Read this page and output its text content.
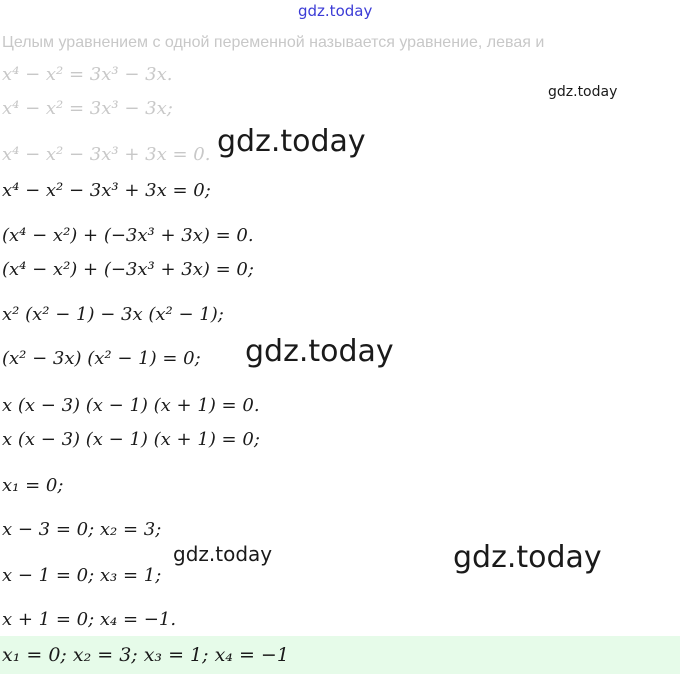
gdz.today
Целым уравнением с одной переменной называется уравнение, левая и
x⁴ − x² = 3x³ − 3x.
gdz.today
x⁴ − x² = 3x³ − 3x;
x⁴ − x² − 3x³ + 3x = 0. gdz.today
x⁴ − x² − 3x³ + 3x = 0;
(x⁴ − x²) + (−3x³ + 3x) = 0.
(x⁴ − x²) + (−3x³ + 3x) = 0;
x² (x² − 1) − 3x (x² − 1);
(x² − 3x) (x² − 1) = 0; gdz.today
x (x − 3) (x − 1) (x + 1) = 0.
x (x − 3) (x − 1) (x + 1) = 0;
x₁ = 0;
x − 3 = 0; x₂ = 3;
gdz.today	gdz.today
x − 1 = 0; x₃ = 1;
x + 1 = 0; x₄ = −1.
x₁ = 0; x₂ = 3; x₃ = 1; x₄ = −1
